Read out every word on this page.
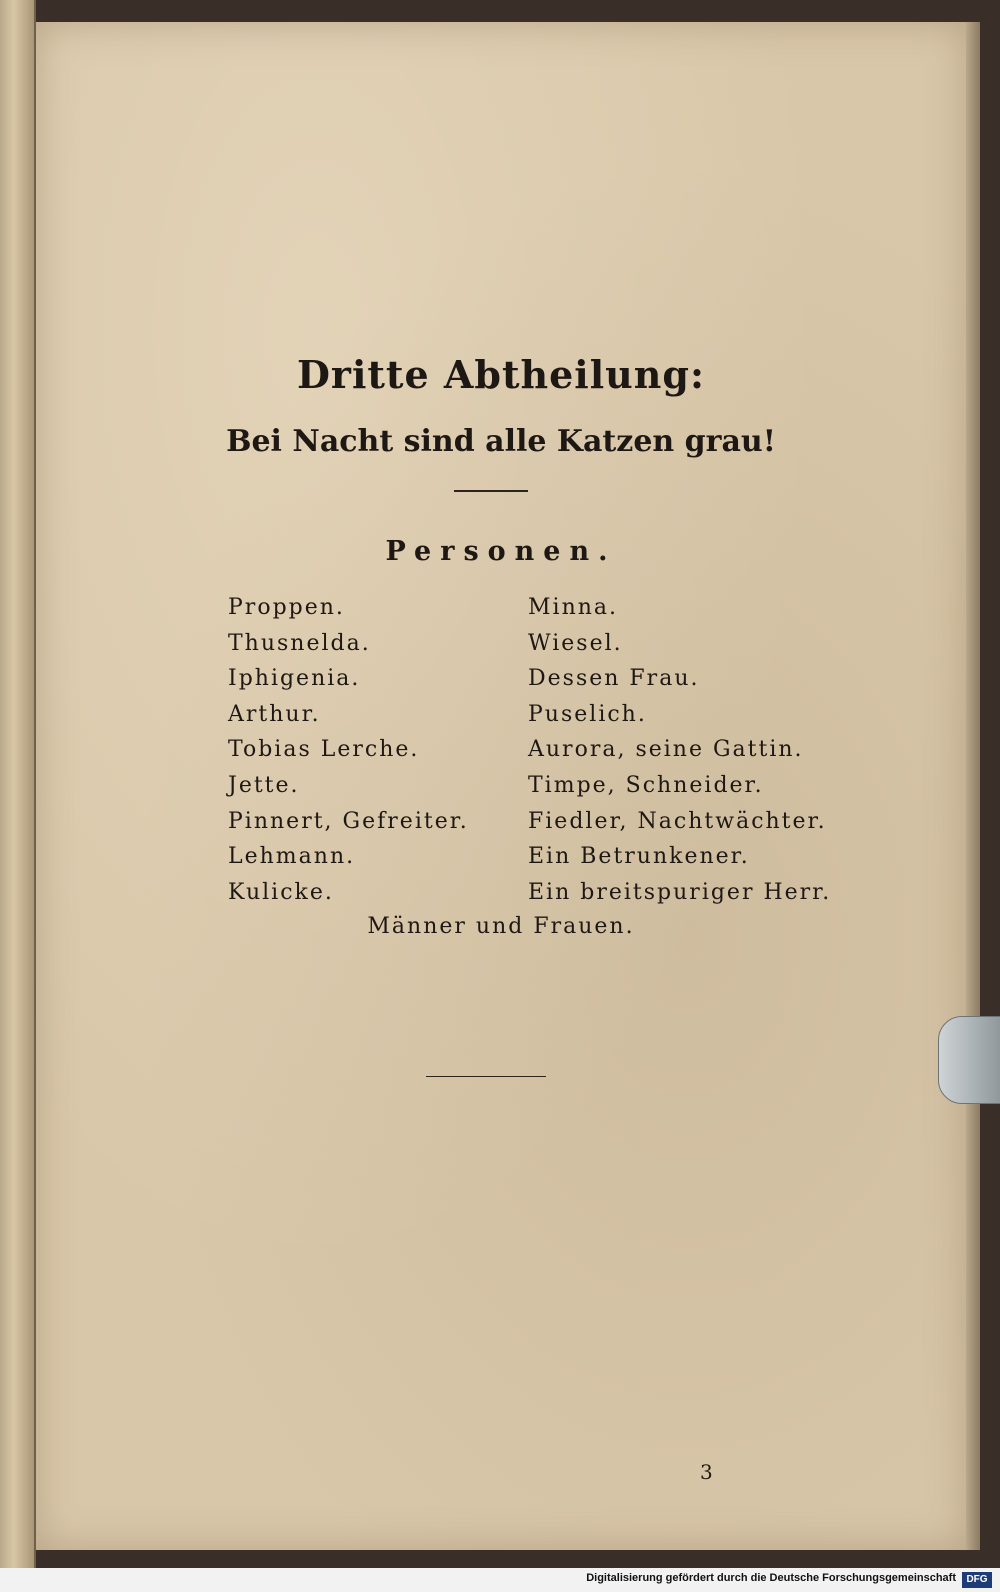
Dritte Abtheilung:
Bei Nacht sind alle Katzen grau!
Personen.
Proppen.
Thusnelda.
Iphigenia.
Arthur.
Tobias Lerche.
Jette.
Pinnert, Gefreiter.
Lehmann.
Kulicke.
Minna.
Wiesel.
Dessen Frau.
Puselich.
Aurora, seine Gattin.
Timpe, Schneider.
Fiedler, Nachtwächter.
Ein Betrunkener.
Ein breitspuriger Herr.
Männer und Frauen.
3
Digitalisierung gefördert durch die Deutsche Forschungsgemeinschaft	DFG
